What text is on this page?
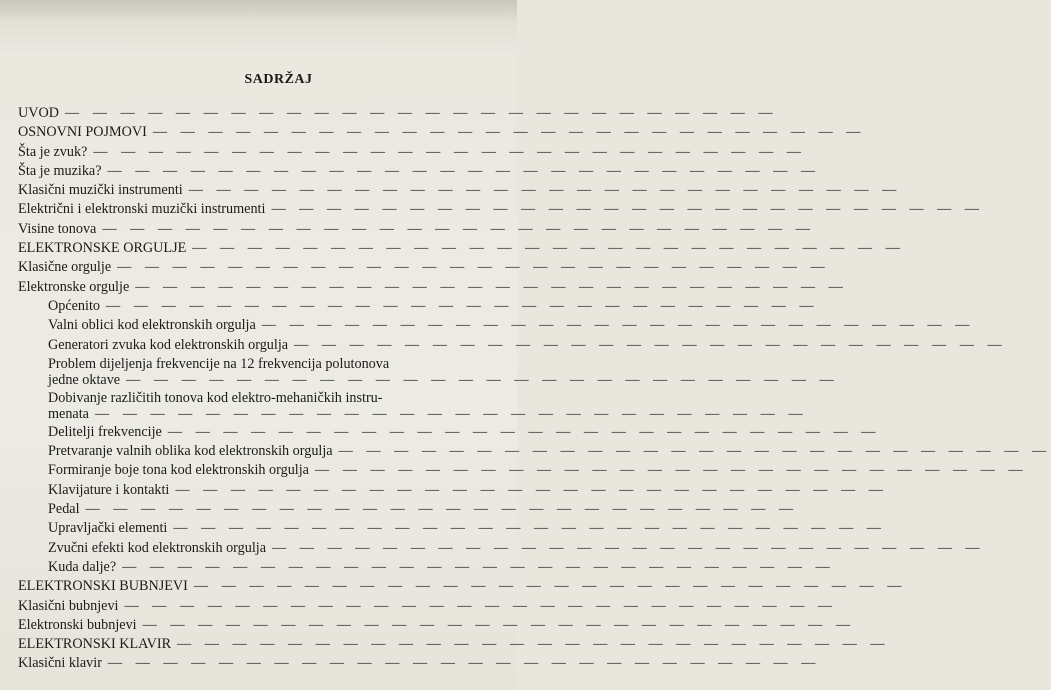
SADRŽAJ
UVOD — — — — — — — — — — — — — — — — — — — — — — — — — —
OSNOVNI POJMOVI — — — — — — — — — — — — — — — — — — — — — — — — — —
Šta je zvuk? — — — — — — — — — — — — — — — — — — — — — — — — — —
Šta je muzika? — — — — — — — — — — — — — — — — — — — — — — — — — —
Klasični muzički instrumenti — — — — — — — — — — — — — — — — — — — — — — — — — —
Električni i elektronski muzički instrumenti — — — — — — — — — — — — — — — — — — — — — — — — — —
Visine tonova — — — — — — — — — — — — — — — — — — — — — — — — — —
ELEKTRONSKE ORGULJE — — — — — — — — — — — — — — — — — — — — — — — — — —
Klasične orgulje — — — — — — — — — — — — — — — — — — — — — — — — — —
Elektronske orgulje — — — — — — — — — — — — — — — — — — — — — — — — — —
Općenito — — — — — — — — — — — — — — — — — — — — — — — — — —
Valni oblici kod elektronskih orgulja — — — — — — — — — — — — — — — — — — — — — — — — — —
Generatori zvuka kod elektronskih orgulja — — — — — — — — — — — — — — — — — — — — — — — — — —
Problem dijeljenja frekvencije na 12 frekvencija polutonova
jedne oktave — — — — — — — — — — — — — — — — — — — — — — — — — —
Dobivanje različitih tonova kod elektro-mehaničkih instru-
menata — — — — — — — — — — — — — — — — — — — — — — — — — —
Delitelji frekvencije — — — — — — — — — — — — — — — — — — — — — — — — — —
Pretvaranje valnih oblika kod elektronskih orgulja — — — — — — — — — — — — — — — — — — — — — — — — — —
Formiranje boje tona kod elektronskih orgulja — — — — — — — — — — — — — — — — — — — — — — — — — —
Klavijature i kontakti — — — — — — — — — — — — — — — — — — — — — — — — — —
Pedal — — — — — — — — — — — — — — — — — — — — — — — — — —
Upravljački elementi — — — — — — — — — — — — — — — — — — — — — — — — — —
Zvučni efekti kod elektronskih orgulja — — — — — — — — — — — — — — — — — — — — — — — — — —
Kuda dalje? — — — — — — — — — — — — — — — — — — — — — — — — — —
ELEKTRONSKI BUBNJEVI — — — — — — — — — — — — — — — — — — — — — — — — — —
Klasični bubnjevi — — — — — — — — — — — — — — — — — — — — — — — — — —
Elektronski bubnjevi — — — — — — — — — — — — — — — — — — — — — — — — — —
ELEKTRONSKI KLAVIR — — — — — — — — — — — — — — — — — — — — — — — — — —
Klasični klavir — — — — — — — — — — — — — — — — — — — — — — — — — —
